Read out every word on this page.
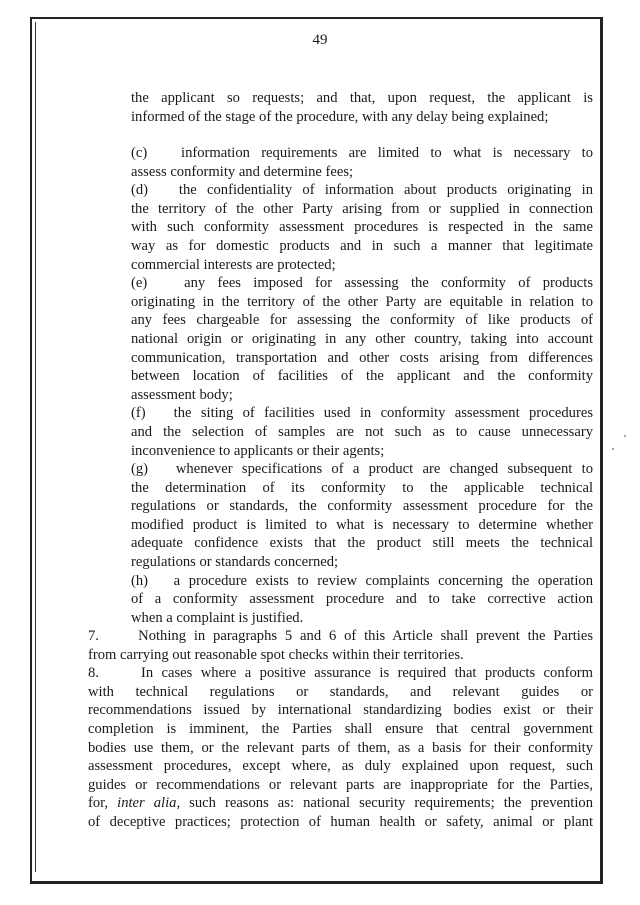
49
the applicant so requests; and that, upon request, the applicant is
informed of the stage of the procedure, with any delay being explained;
(c)   information requirements are limited to what is necessary to
assess conformity and determine fees;
(d)   the confidentiality of information about products originating in
the territory of the other Party arising from or supplied in connection
with such conformity assessment procedures is respected in the same
way as for domestic products and in such a manner that legitimate
commercial interests are protected;
(e)   any fees imposed for assessing the conformity of products
originating in the territory of the other Party are equitable in relation to
any fees chargeable for assessing the conformity of like products of
national origin or originating in any other country, taking into account
communication, transportation and other costs arising from differences
between location of facilities of the applicant and the conformity
assessment body;
(f)   the siting of facilities used in conformity assessment procedures
and the selection of samples are not such as to cause unnecessary
inconvenience to applicants or their agents;
(g)   whenever specifications of a product are changed subsequent to
the determination of its conformity to the applicable technical
regulations or standards, the conformity assessment procedure for the
modified product is limited to what is necessary to determine whether
adequate confidence exists that the product still meets the technical
regulations or standards concerned;
(h)   a procedure exists to review complaints concerning the operation
of a conformity assessment procedure and to take corrective action
when a complaint is justified.
7.     Nothing in paragraphs 5 and 6 of this Article shall prevent the Parties
from carrying out reasonable spot checks within their territories.
8.     In cases where a positive assurance is required that products conform
with technical regulations or standards, and relevant guides or
recommendations issued by international standardizing bodies exist or their
completion is imminent, the Parties shall ensure that central government
bodies use them, or the relevant parts of them, as a basis for their conformity
assessment procedures, except where, as duly explained upon request, such
guides or recommendations or relevant parts are inappropriate for the Parties,
for, inter alia, such reasons as: national security requirements; the prevention
of deceptive practices; protection of human health or safety, animal or plant
